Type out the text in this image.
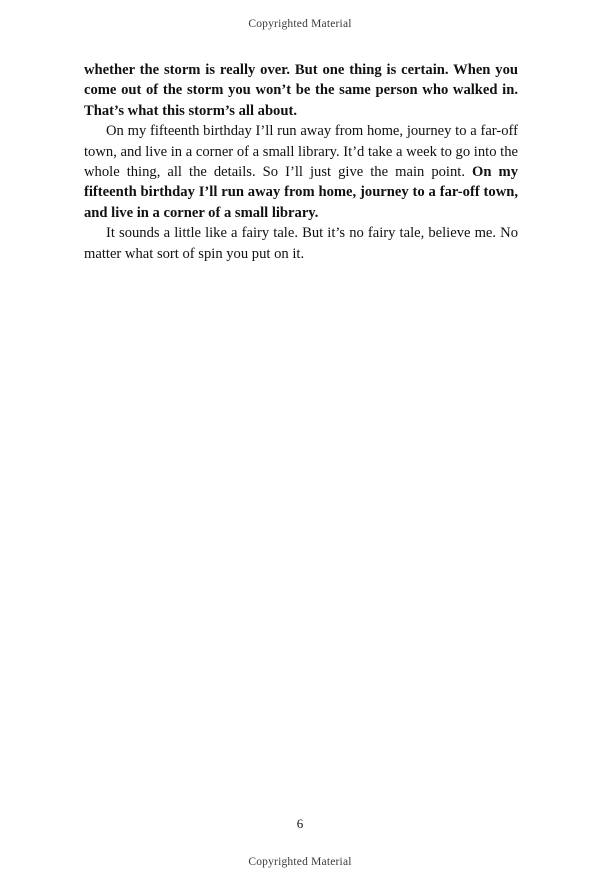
Copyrighted Material

whether the storm is really over. But one thing is certain. When you come out of the storm you won’t be the same person who walked in. That’s what this storm’s all about.

On my fifteenth birthday I’ll run away from home, journey to a far-off town, and live in a corner of a small library. It’d take a week to go into the whole thing, all the details. So I’ll just give the main point. On my fifteenth birthday I’ll run away from home, journey to a far-off town, and live in a corner of a small library.

It sounds a little like a fairy tale. But it’s no fairy tale, believe me. No matter what sort of spin you put on it.

6
Copyrighted Material
